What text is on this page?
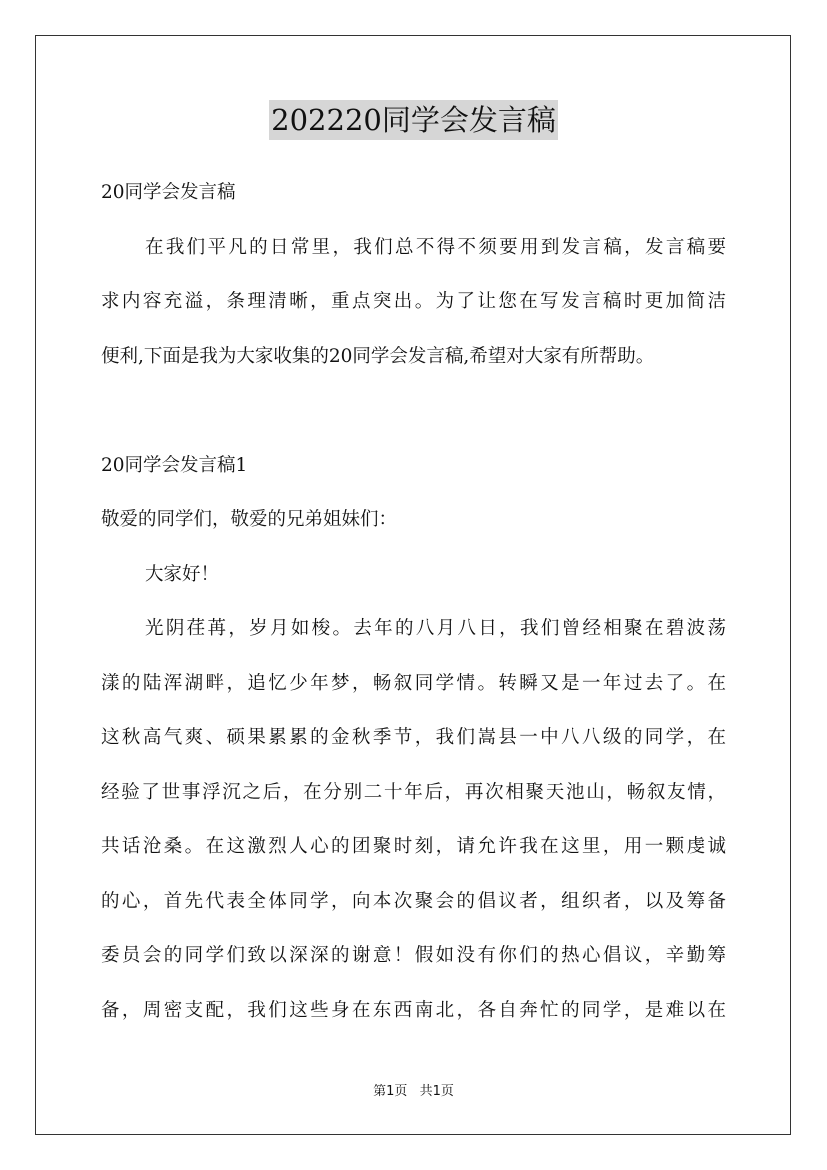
202220同学会发言稿
20同学会发言稿
在我们平凡的日常里，我们总不得不须要用到发言稿，发言稿要
求内容充溢，条理清晰，重点突出。为了让您在写发言稿时更加简洁
便利,下面是我为大家收集的20同学会发言稿,希望对大家有所帮助。
20同学会发言稿1
敬爱的同学们，敬爱的兄弟姐妹们：
大家好！
光阴荏苒，岁月如梭。去年的八月八日，我们曾经相聚在碧波荡
漾的陆浑湖畔，追忆少年梦，畅叙同学情。转瞬又是一年过去了。在
这秋高气爽、硕果累累的金秋季节，我们嵩县一中八八级的同学，在
经验了世事浮沉之后，在分别二十年后，再次相聚天池山，畅叙友情，
共话沧桑。在这激烈人心的团聚时刻，请允许我在这里，用一颗虔诚
的心，首先代表全体同学，向本次聚会的倡议者，组织者，以及筹备
委员会的同学们致以深深的谢意！假如没有你们的热心倡议，辛勤筹
备，周密支配，我们这些身在东西南北，各自奔忙的同学，是难以在
第1页 共1页
